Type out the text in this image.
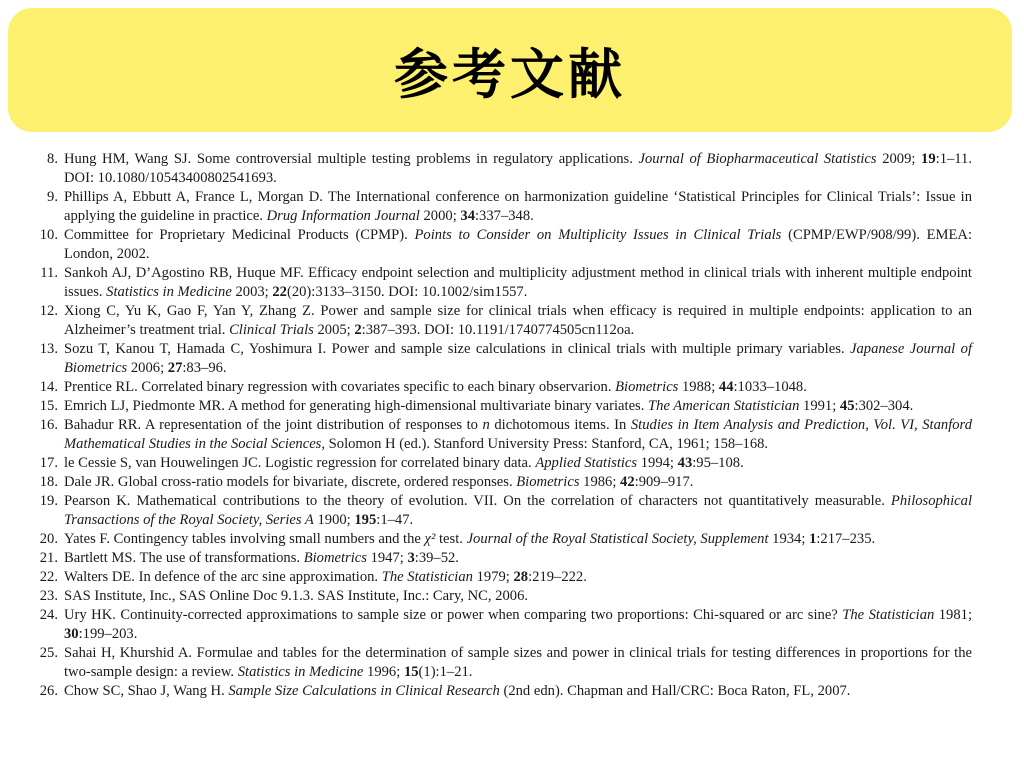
参考文献
8. Hung HM, Wang SJ. Some controversial multiple testing problems in regulatory applications. Journal of Biopharmaceutical Statistics 2009; 19:1–11. DOI: 10.1080/10543400802541693.
9. Phillips A, Ebbutt A, France L, Morgan D. The International conference on harmonization guideline ‘Statistical Principles for Clinical Trials’: Issue in applying the guideline in practice. Drug Information Journal 2000; 34:337–348.
10. Committee for Proprietary Medicinal Products (CPMP). Points to Consider on Multiplicity Issues in Clinical Trials (CPMP/EWP/908/99). EMEA: London, 2002.
11. Sankoh AJ, D’Agostino RB, Huque MF. Efficacy endpoint selection and multiplicity adjustment method in clinical trials with inherent multiple endpoint issues. Statistics in Medicine 2003; 22(20):3133–3150. DOI: 10.1002/sim1557.
12. Xiong C, Yu K, Gao F, Yan Y, Zhang Z. Power and sample size for clinical trials when efficacy is required in multiple endpoints: application to an Alzheimer’s treatment trial. Clinical Trials 2005; 2:387–393. DOI: 10.1191/1740774505cn112oa.
13. Sozu T, Kanou T, Hamada C, Yoshimura I. Power and sample size calculations in clinical trials with multiple primary variables. Japanese Journal of Biometrics 2006; 27:83–96.
14. Prentice RL. Correlated binary regression with covariates specific to each binary observarion. Biometrics 1988; 44:1033–1048.
15. Emrich LJ, Piedmonte MR. A method for generating high-dimensional multivariate binary variates. The American Statistician 1991; 45:302–304.
16. Bahadur RR. A representation of the joint distribution of responses to n dichotomous items. In Studies in Item Analysis and Prediction, Vol. VI, Stanford Mathematical Studies in the Social Sciences, Solomon H (ed.). Stanford University Press: Stanford, CA, 1961; 158–168.
17. le Cessie S, van Houwelingen JC. Logistic regression for correlated binary data. Applied Statistics 1994; 43:95–108.
18. Dale JR. Global cross-ratio models for bivariate, discrete, ordered responses. Biometrics 1986; 42:909–917.
19. Pearson K. Mathematical contributions to the theory of evolution. VII. On the correlation of characters not quantitatively measurable. Philosophical Transactions of the Royal Society, Series A 1900; 195:1–47.
20. Yates F. Contingency tables involving small numbers and the χ² test. Journal of the Royal Statistical Society, Supplement 1934; 1:217–235.
21. Bartlett MS. The use of transformations. Biometrics 1947; 3:39–52.
22. Walters DE. In defence of the arc sine approximation. The Statistician 1979; 28:219–222.
23. SAS Institute, Inc., SAS Online Doc 9.1.3. SAS Institute, Inc.: Cary, NC, 2006.
24. Ury HK. Continuity-corrected approximations to sample size or power when comparing two proportions: Chi-squared or arc sine? The Statistician 1981; 30:199–203.
25. Sahai H, Khurshid A. Formulae and tables for the determination of sample sizes and power in clinical trials for testing differences in proportions for the two-sample design: a review. Statistics in Medicine 1996; 15(1):1–21.
26. Chow SC, Shao J, Wang H. Sample Size Calculations in Clinical Research (2nd edn). Chapman and Hall/CRC: Boca Raton, FL, 2007.
